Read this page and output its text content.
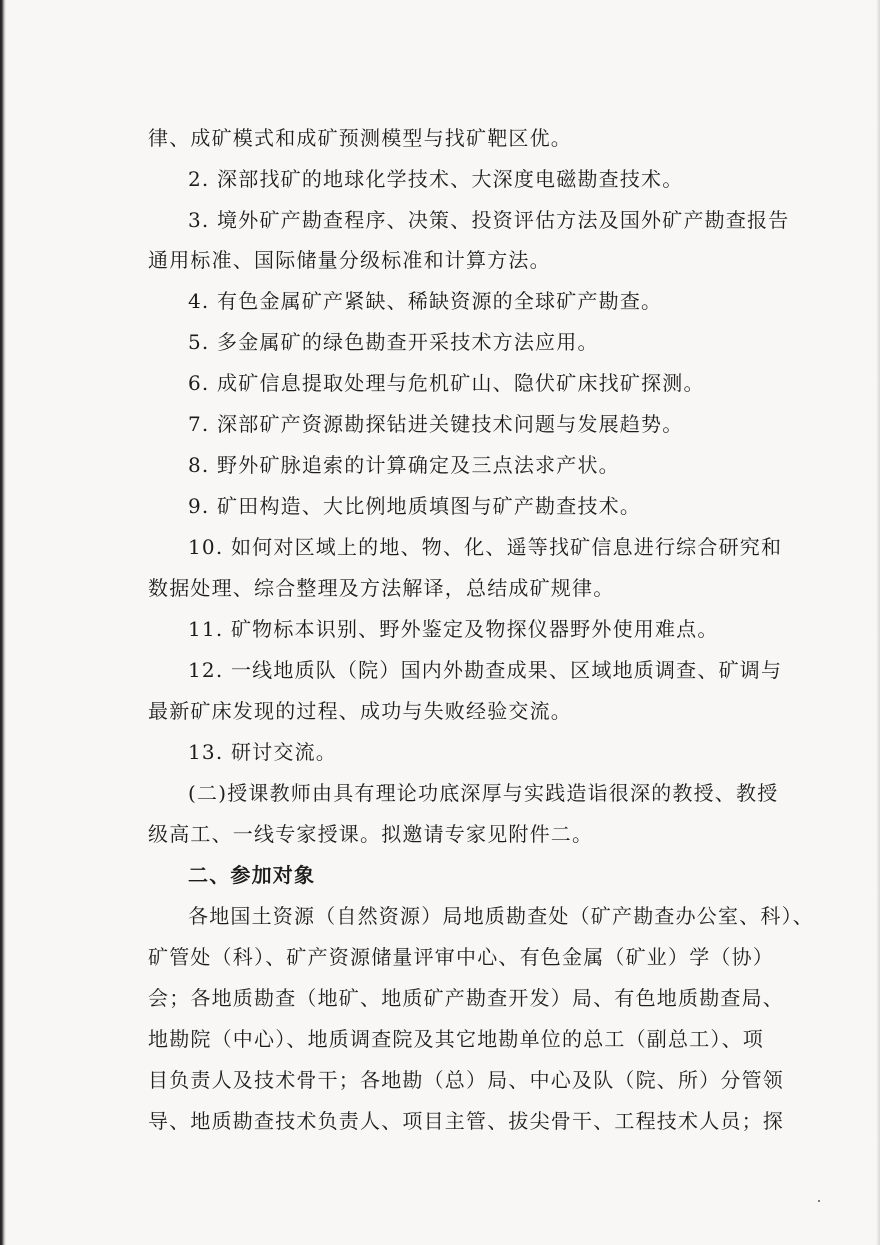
律、成矿模式和成矿预测模型与找矿靶区优。
2. 深部找矿的地球化学技术、大深度电磁勘查技术。
3. 境外矿产勘查程序、决策、投资评估方法及国外矿产勘查报告
通用标准、国际储量分级标准和计算方法。
4. 有色金属矿产紧缺、稀缺资源的全球矿产勘查。
5. 多金属矿的绿色勘查开采技术方法应用。
6. 成矿信息提取处理与危机矿山、隐伏矿床找矿探测。
7. 深部矿产资源勘探钻进关键技术问题与发展趋势。
8. 野外矿脉追索的计算确定及三点法求产状。
9. 矿田构造、大比例地质填图与矿产勘查技术。
10. 如何对区域上的地、物、化、遥等找矿信息进行综合研究和
数据处理、综合整理及方法解译，总结成矿规律。
11. 矿物标本识别、野外鉴定及物探仪器野外使用难点。
12. 一线地质队（院）国内外勘查成果、区域地质调查、矿调与
最新矿床发现的过程、成功与失败经验交流。
13. 研讨交流。
(二)授课教师由具有理论功底深厚与实践造诣很深的教授、教授
级高工、一线专家授课。拟邀请专家见附件二。
二、参加对象
各地国土资源（自然资源）局地质勘查处（矿产勘查办公室、科）、
矿管处（科）、矿产资源储量评审中心、有色金属（矿业）学（协）
会；各地质勘查（地矿、地质矿产勘查开发）局、有色地质勘查局、
地勘院（中心）、地质调查院及其它地勘单位的总工（副总工）、项
目负责人及技术骨干；各地勘（总）局、中心及队（院、所）分管领
导、地质勘查技术负责人、项目主管、拔尖骨干、工程技术人员；探
